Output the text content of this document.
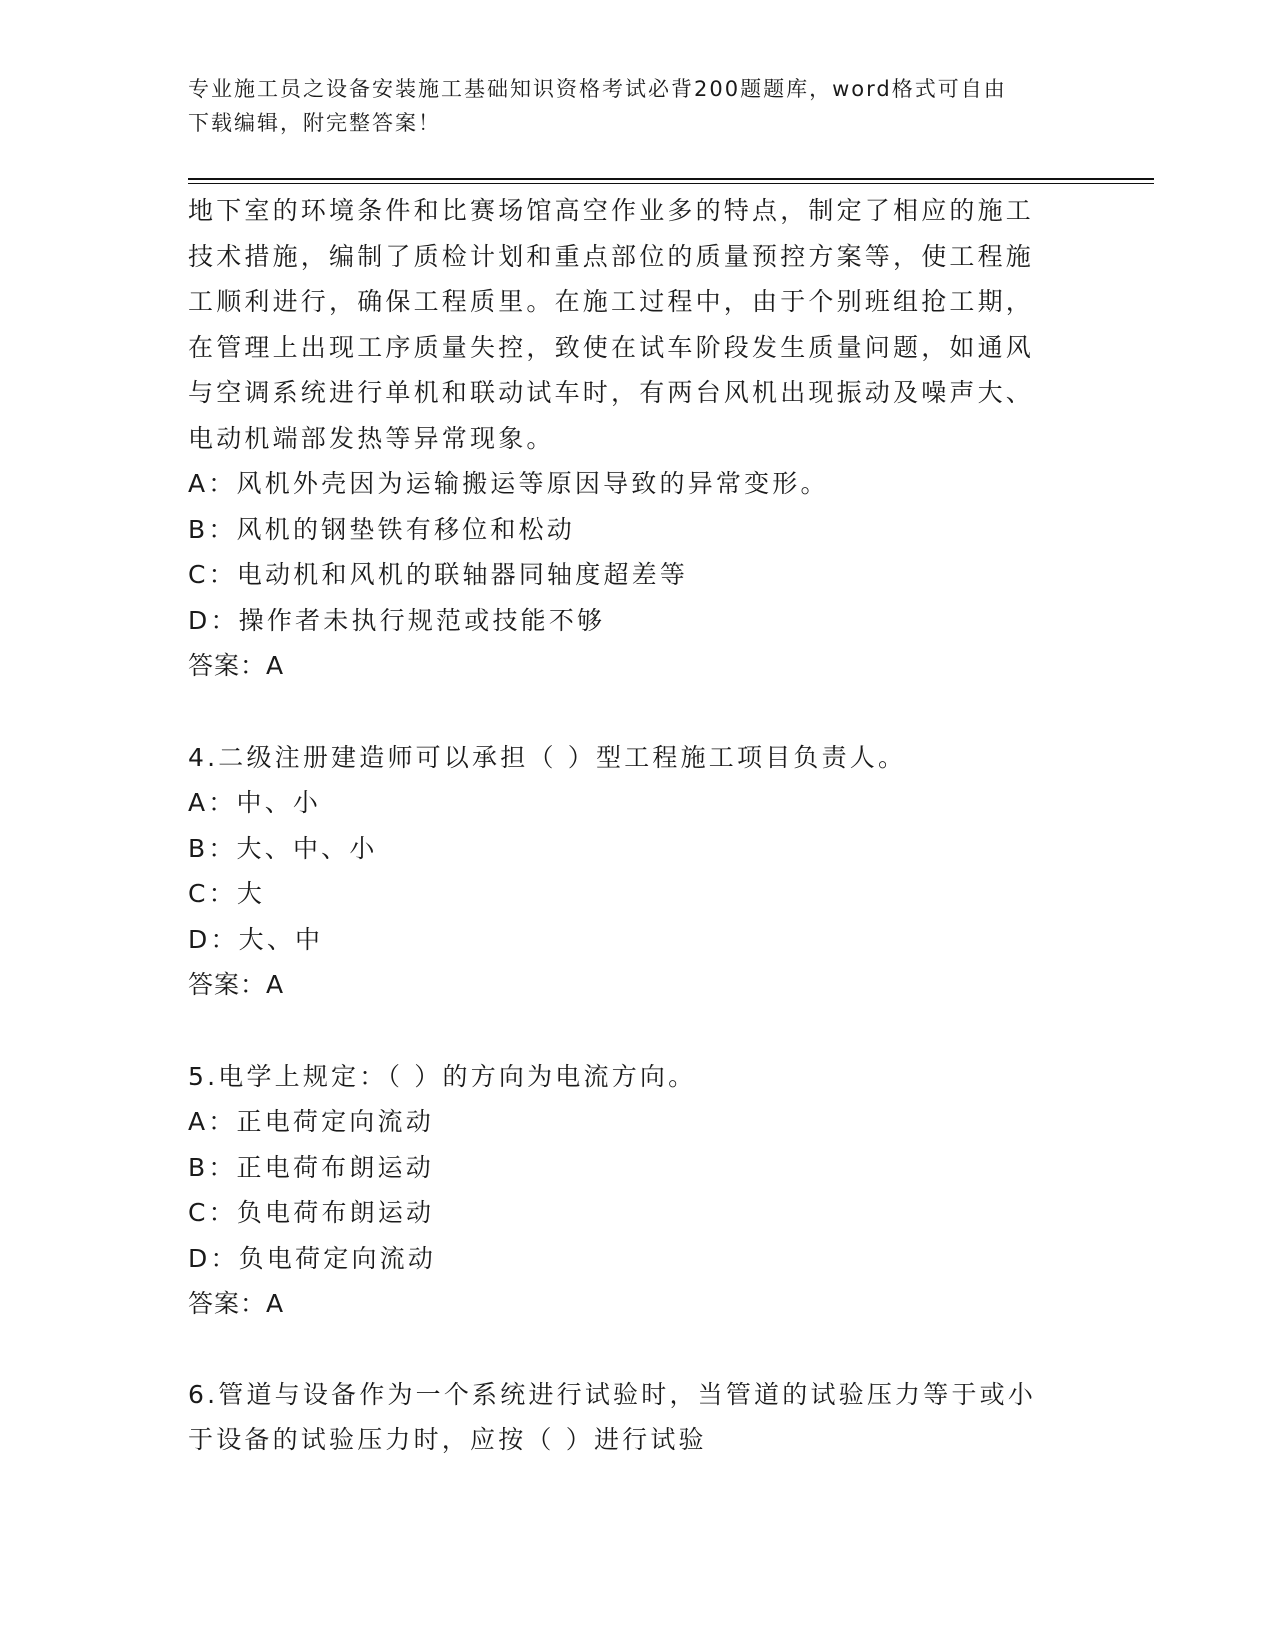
专业施工员之设备安装施工基础知识资格考试必背200题题库，word格式可自由
下载编辑，附完整答案！
地下室的环境条件和比赛场馆高空作业多的特点，制定了相应的施工
技术措施，编制了质检计划和重点部位的质量预控方案等，使工程施
工顺利进行，确保工程质里。在施工过程中，由于个别班组抢工期，
在管理上出现工序质量失控，致使在试车阶段发生质量问题，如通风
与空调系统进行单机和联动试车时，有两台风机出现振动及噪声大、
电动机端部发热等异常现象。
A：风机外壳因为运输搬运等原因导致的异常变形。
B：风机的钢垫铁有移位和松动
C：电动机和风机的联轴器同轴度超差等
D：操作者未执行规范或技能不够
答案：A
4.二级注册建造师可以承担（ ）型工程施工项目负责人。
A：中、小
B：大、中、小
C：大
D：大、中
答案：A
5.电学上规定：（ ）的方向为电流方向。
A：正电荷定向流动
B：正电荷布朗运动
C：负电荷布朗运动
D：负电荷定向流动
答案：A
6.管道与设备作为一个系统进行试验时，当管道的试验压力等于或小
于设备的试验压力时，应按（ ）进行试验
